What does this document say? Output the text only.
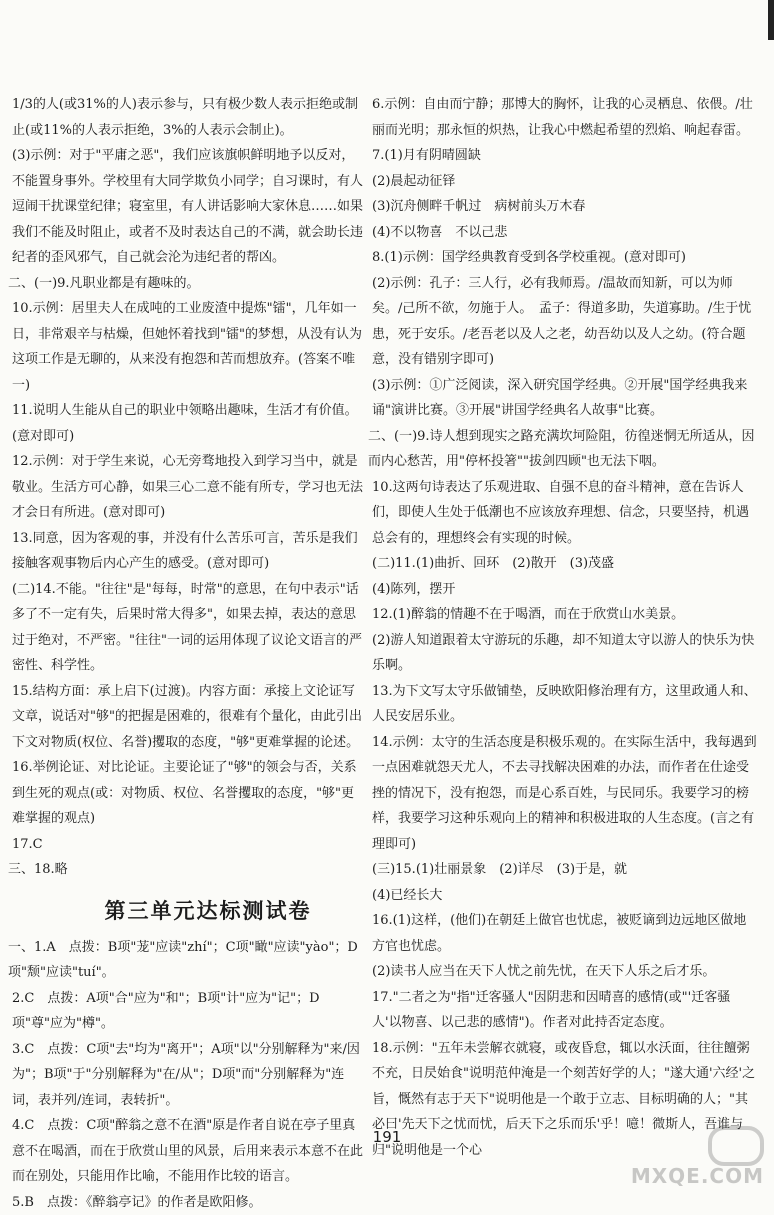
1/3的人(或31%的人)表示参与，只有极少数人表示拒绝或制止(或11%的人表示拒绝，3%的人表示会制止)。
(3)示例：对于"平庸之恶"，我们应该旗帜鲜明地予以反对，不能置身事外。学校里有大同学欺负小同学；自习课时，有人逗闹干扰课堂纪律；寝室里，有人讲话影响大家休息……如果我们不能及时阻止，或者不及时表达自己的不满，就会助长违纪者的歪风邪气，自己就会沦为违纪者的帮凶。
二、(一)9.凡职业都是有趣味的。
10.示例：居里夫人在成吨的工业废渣中提炼"镭"，几年如一日，非常艰辛与枯燥，但她怀着找到"镭"的梦想，从没有认为这项工作是无聊的，从来没有抱怨和苦而想放弃。(答案不唯一)
11.说明人生能从自己的职业中领略出趣味，生活才有价值。(意对即可)
12.示例：对于学生来说，心无旁骛地投入到学习当中，就是敬业。生活方可心静，如果三心二意不能有所专，学习也无法才会日有所进。(意对即可)
13.同意，因为客观的事，并没有什么苦乐可言，苦乐是我们接触客观事物后内心产生的感受。(意对即可)
(二)14.不能。"往往"是"每每，时常"的意思，在句中表示"话多了不一定有失，后果时常大得多"，如果去掉，表达的意思过于绝对，不严密。"往往"一词的运用体现了议论文语言的严密性、科学性。
15.结构方面：承上启下(过渡)。内容方面：承接上文论证写文章，说话对"够"的把握是困难的，很难有个量化，由此引出下文对物质(权位、名誉)攫取的态度，"够"更难掌握的论述。
16.举例论证、对比论证。主要论证了"够"的领会与否，关系到生死的观点(或：对物质、权位、名誉攫取的态度，"够"更难掌握的观点)
17.C
三、18.略
第三单元达标测试卷
一、1.A　点拨：B项"茏"应读"zhí"；C项"瞰"应读"yào"；D项"颓"应读"tuí"。
2.C　点拨：A项"合"应为"和"；B项"计"应为"记"；D项"尊"应为"樽"。
3.C　点拨：C项"去"均为"离开"；A项"以"分别解释为"来/因为"；B项"于"分别解释为"在/从"；D项"而"分别解释为"连词，表并列/连词，表转折"。
4.C　点拨：C项"醉翁之意不在酒"原是作者自说在亭子里真意不在喝酒，而在于欣赏山里的风景，后用来表示本意不在此而在别处，只能用作比喻，不能用作比较的语言。
5.B　点拨：《醉翁亭记》的作者是欧阳修。
6.示例：自由而宁静；那博大的胸怀，让我的心灵栖息、依偎。/壮丽而光明；那永恒的炽热，让我心中燃起希望的烈焰、响起春雷。
7.(1)月有阴晴圆缺
(2)晨起动征铎
(3)沉舟侧畔千帆过　病树前头万木春
(4)不以物喜　不以己悲
8.(1)示例：国学经典教育受到各学校重视。(意对即可)
(2)示例：孔子：三人行，必有我师焉。/温故而知新，可以为师矣。/己所不欲，勿施于人。　孟子：得道多助，失道寡助。/生于忧患，死于安乐。/老吾老以及人之老，幼吾幼以及人之幼。(符合题意，没有错别字即可)
(3)示例：①广泛阅读，深入研究国学经典。②开展"国学经典我来诵"演讲比赛。③开展"讲国学经典名人故事"比赛。
二、(一)9.诗人想到现实之路充满坎坷险阻，彷徨迷惘无所适从，因而内心愁苦，用"停杯投箸""拔剑四顾"也无法下咽。
10.这两句诗表达了乐观进取、自强不息的奋斗精神，意在告诉人们，即使人生处于低潮也不应该放弃理想、信念，只要坚持，机遇总会有的，理想终会有实现的时候。
(二)11.(1)曲折、回环　(2)散开　(3)茂盛
(4)陈列，摆开
12.(1)醉翁的情趣不在于喝酒，而在于欣赏山水美景。
(2)游人知道跟着太守游玩的乐趣，却不知道太守以游人的快乐为快乐啊。
13.为下文写太守乐做铺垫，反映欧阳修治理有方，这里政通人和、人民安居乐业。
14.示例：太守的生活态度是积极乐观的。在实际生活中，我每遇到一点困难就怨天尤人，不去寻找解决困难的办法，而作者在仕途受挫的情况下，没有抱怨，而是心系百姓，与民同乐。我要学习的榜样，我要学习这种乐观向上的精神和积极进取的人生态度。(言之有理即可)
(三)15.(1)壮丽景象　(2)详尽　(3)于是，就
(4)已经长大
16.(1)这样，(他们)在朝廷上做官也忧虑，被贬谪到边远地区做地方官也忧虑。
(2)读书人应当在天下人忧之前先忧，在天下人乐之后才乐。
17."二者之为"指"迁客骚人"因阴悲和因晴喜的感情(或"'迁客骚人'以物喜、以己悲的感情")。作者对此持否定态度。
18.示例："五年未尝解衣就寝，或夜昏怠，辄以水沃面，往往饘粥不充，日昃始食"说明范仲淹是一个刻苦好学的人；"遂大通'六经'之旨，慨然有志于天下"说明他是一个敢于立志、目标明确的人；"其必曰'先天下之忧而忧，后天下之乐而乐'乎！噫！微斯人，吾谁与归"说明他是一个心
191
MXQE.COM
